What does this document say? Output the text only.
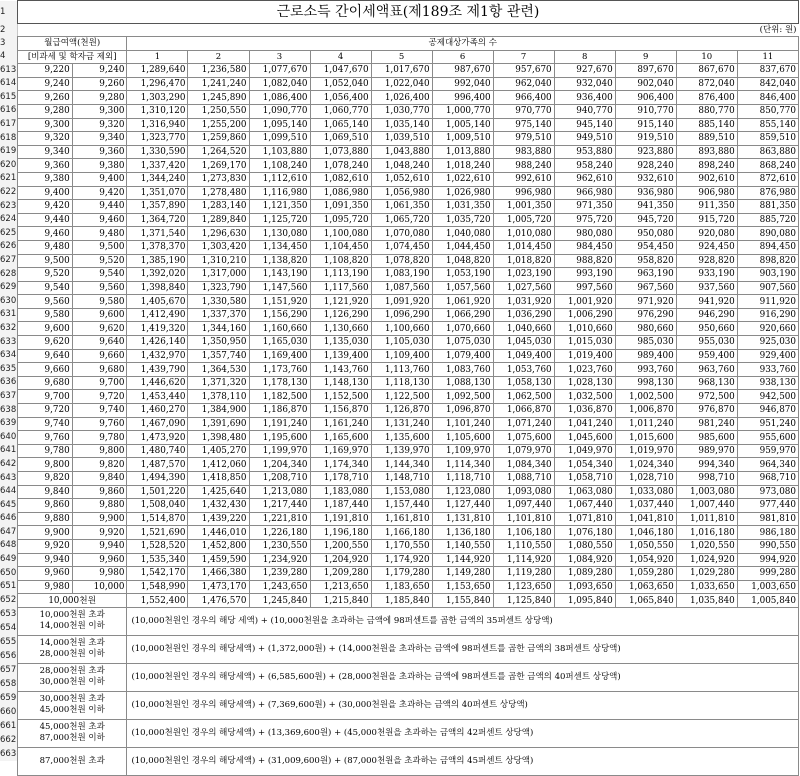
1
2
3
4
613
614
615
616
617
618
619
620
621
622
623
624
625
626
627
628
629
630
631
632
633
634
635
636
637
638
639
640
641
642
643
644
645
646
647
648
649
650
651
652
653
654
655
656
657
658
659
660
661
662
663
근로소득 간이세액표(제189조 제1항 관련)												
(단위: 원)												
월급여액(천원)		공제대상가족의 수										
[비과세 및 학자금 제외]		1	2	3	4	5	6	7	8	9	10	11
9,220	9,240	1,289,640	1,236,580	1,077,670	1,047,670	1,017,670	987,670	957,670	927,670	897,670	867,670	837,670
9,240	9,260	1,296,470	1,241,240	1,082,040	1,052,040	1,022,040	992,040	962,040	932,040	902,040	872,040	842,040
9,260	9,280	1,303,290	1,245,890	1,086,400	1,056,400	1,026,400	996,400	966,400	936,400	906,400	876,400	846,400
9,280	9,300	1,310,120	1,250,550	1,090,770	1,060,770	1,030,770	1,000,770	970,770	940,770	910,770	880,770	850,770
9,300	9,320	1,316,940	1,255,200	1,095,140	1,065,140	1,035,140	1,005,140	975,140	945,140	915,140	885,140	855,140
9,320	9,340	1,323,770	1,259,860	1,099,510	1,069,510	1,039,510	1,009,510	979,510	949,510	919,510	889,510	859,510
9,340	9,360	1,330,590	1,264,520	1,103,880	1,073,880	1,043,880	1,013,880	983,880	953,880	923,880	893,880	863,880
9,360	9,380	1,337,420	1,269,170	1,108,240	1,078,240	1,048,240	1,018,240	988,240	958,240	928,240	898,240	868,240
9,380	9,400	1,344,240	1,273,830	1,112,610	1,082,610	1,052,610	1,022,610	992,610	962,610	932,610	902,610	872,610
9,400	9,420	1,351,070	1,278,480	1,116,980	1,086,980	1,056,980	1,026,980	996,980	966,980	936,980	906,980	876,980
9,420	9,440	1,357,890	1,283,140	1,121,350	1,091,350	1,061,350	1,031,350	1,001,350	971,350	941,350	911,350	881,350
9,440	9,460	1,364,720	1,289,840	1,125,720	1,095,720	1,065,720	1,035,720	1,005,720	975,720	945,720	915,720	885,720
9,460	9,480	1,371,540	1,296,630	1,130,080	1,100,080	1,070,080	1,040,080	1,010,080	980,080	950,080	920,080	890,080
9,480	9,500	1,378,370	1,303,420	1,134,450	1,104,450	1,074,450	1,044,450	1,014,450	984,450	954,450	924,450	894,450
9,500	9,520	1,385,190	1,310,210	1,138,820	1,108,820	1,078,820	1,048,820	1,018,820	988,820	958,820	928,820	898,820
9,520	9,540	1,392,020	1,317,000	1,143,190	1,113,190	1,083,190	1,053,190	1,023,190	993,190	963,190	933,190	903,190
9,540	9,560	1,398,840	1,323,790	1,147,560	1,117,560	1,087,560	1,057,560	1,027,560	997,560	967,560	937,560	907,560
9,560	9,580	1,405,670	1,330,580	1,151,920	1,121,920	1,091,920	1,061,920	1,031,920	1,001,920	971,920	941,920	911,920
9,580	9,600	1,412,490	1,337,370	1,156,290	1,126,290	1,096,290	1,066,290	1,036,290	1,006,290	976,290	946,290	916,290
9,600	9,620	1,419,320	1,344,160	1,160,660	1,130,660	1,100,660	1,070,660	1,040,660	1,010,660	980,660	950,660	920,660
9,620	9,640	1,426,140	1,350,950	1,165,030	1,135,030	1,105,030	1,075,030	1,045,030	1,015,030	985,030	955,030	925,030
9,640	9,660	1,432,970	1,357,740	1,169,400	1,139,400	1,109,400	1,079,400	1,049,400	1,019,400	989,400	959,400	929,400
9,660	9,680	1,439,790	1,364,530	1,173,760	1,143,760	1,113,760	1,083,760	1,053,760	1,023,760	993,760	963,760	933,760
9,680	9,700	1,446,620	1,371,320	1,178,130	1,148,130	1,118,130	1,088,130	1,058,130	1,028,130	998,130	968,130	938,130
9,700	9,720	1,453,440	1,378,110	1,182,500	1,152,500	1,122,500	1,092,500	1,062,500	1,032,500	1,002,500	972,500	942,500
9,720	9,740	1,460,270	1,384,900	1,186,870	1,156,870	1,126,870	1,096,870	1,066,870	1,036,870	1,006,870	976,870	946,870
9,740	9,760	1,467,090	1,391,690	1,191,240	1,161,240	1,131,240	1,101,240	1,071,240	1,041,240	1,011,240	981,240	951,240
9,760	9,780	1,473,920	1,398,480	1,195,600	1,165,600	1,135,600	1,105,600	1,075,600	1,045,600	1,015,600	985,600	955,600
9,780	9,800	1,480,740	1,405,270	1,199,970	1,169,970	1,139,970	1,109,970	1,079,970	1,049,970	1,019,970	989,970	959,970
9,800	9,820	1,487,570	1,412,060	1,204,340	1,174,340	1,144,340	1,114,340	1,084,340	1,054,340	1,024,340	994,340	964,340
9,820	9,840	1,494,390	1,418,850	1,208,710	1,178,710	1,148,710	1,118,710	1,088,710	1,058,710	1,028,710	998,710	968,710
9,840	9,860	1,501,220	1,425,640	1,213,080	1,183,080	1,153,080	1,123,080	1,093,080	1,063,080	1,033,080	1,003,080	973,080
9,860	9,880	1,508,040	1,432,430	1,217,440	1,187,440	1,157,440	1,127,440	1,097,440	1,067,440	1,037,440	1,007,440	977,440
9,880	9,900	1,514,870	1,439,220	1,221,810	1,191,810	1,161,810	1,131,810	1,101,810	1,071,810	1,041,810	1,011,810	981,810
9,900	9,920	1,521,690	1,446,010	1,226,180	1,196,180	1,166,180	1,136,180	1,106,180	1,076,180	1,046,180	1,016,180	986,180
9,920	9,940	1,528,520	1,452,800	1,230,550	1,200,550	1,170,550	1,140,550	1,110,550	1,080,550	1,050,550	1,020,550	990,550
9,940	9,960	1,535,340	1,459,590	1,234,920	1,204,920	1,174,920	1,144,920	1,114,920	1,084,920	1,054,920	1,024,920	994,920
9,960	9,980	1,542,170	1,466,380	1,239,280	1,209,280	1,179,280	1,149,280	1,119,280	1,089,280	1,059,280	1,029,280	999,280
9,980	10,000	1,548,990	1,473,170	1,243,650	1,213,650	1,183,650	1,153,650	1,123,650	1,093,650	1,063,650	1,033,650	1,003,650
10,000천원		1,552,400	1,476,570	1,245,840	1,215,840	1,185,840	1,155,840	1,125,840	1,095,840	1,065,840	1,035,840	1,005,840

10,000천원 초과
14,000천원 이하		(10,000천원인 경우의 해당 세액) + (10,000천원을 초과하는 금액에 98퍼센트를 곱한 금액의 35퍼센트 상당액)										

14,000천원 초과
28,000천원 이하		(10,000천원인 경우의 해당세액) + (1,372,000원) + (14,000천원을 초과하는 금액에 98퍼센트를 곱한 금액의 38퍼센트 상당액)										

28,000천원 초과
30,000천원 이하		(10,000천원인 경우의 해당세액) + (6,585,600원) + (28,000천원을 초과하는 금액에 98퍼센트를 곱한 금액의 40퍼센트 상당액)										

30,000천원 초과
45,000천원 이하		(10,000천원인 경우의 해당세액) + (7,369,600원) + (30,000천원을 초과하는 금액의 40퍼센트 상당액)										

45,000천원 초과
87,000천원 이하		(10,000천원인 경우의 해당세액) + (13,369,600원) + (45,000천원을 초과하는 금액의 42퍼센트 상당액)										

87,000천원 초과		(10,000천원인 경우의 해당세액) + (31,009,600원) + (87,000천원을 초과하는 금액의 45퍼센트 상당액)										
